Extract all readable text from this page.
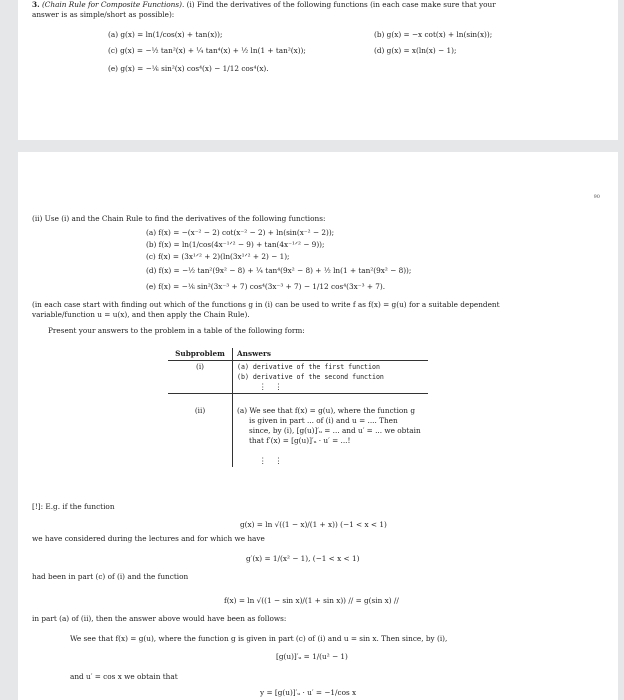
3. (Chain Rule for Composite Functions). (i) Find the derivatives of the following functions (in each case make sure that your
answer is as simple/short as possible):
(a) g(x) = ln(1/cos(x) + tan(x));	(b) g(x) = −x cot(x) + ln(sin(x));
(c) g(x) = −½ tan²(x) + ¼ tan⁴(x) + ½ ln(1 + tan²(x));	(d) g(x) = x(ln(x) − 1);
(e) g(x) = −⅙ sin²(x) cos⁴(x) − 1/12 cos⁴(x).
90
(ii) Use (i) and the Chain Rule to find the derivatives of the following functions:
(a) f(x) = −(x⁻² − 2) cot(x⁻² − 2) + ln(sin(x⁻² − 2));
(b) f(x) = ln(1/cos(4x⁻¹ᐟ² − 9) + tan(4x⁻¹ᐟ² − 9));
(c) f(x) = (3x¹ᐟ² + 2)(ln(3x¹ᐟ² + 2) − 1);
(d) f(x) = −½ tan²(9x² − 8) + ¼ tan⁴(9x² − 8) + ½ ln(1 + tan²(9x² − 8));
(e) f(x) = −⅙ sin²(3x⁻³ + 7) cos⁴(3x⁻³ + 7) − 1/12 cos⁴(3x⁻³ + 7).
(in each case start with finding out which of the functions g in (i) can be used to write f as f(x) = g(u) for a suitable dependent
variable/function u = u(x), and then apply the Chain Rule).
Present your answers to the problem in a table of the following form:
Subproblem	Answers
(i)	(a) derivative of the first function
(b) derivative of the second function
⋮ ⋮

(ii)	(a) We see that f(x) = g(u), where the function g
is given in part ... of (i) and u = .... Then
since, by (i), [g(u)]′ᵤ = ... and u′ = ... we obtain
that f′(x) = [g(u)]′ᵤ · u′ = ...!
⋮ ⋮
[!]: E.g. if the function
g(x) = ln √((1 − x)/(1 + x)) (−1 < x < 1)
we have considered during the lectures and for which we have
g′(x) = 1/(x² − 1), (−1 < x < 1)
had been in part (c) of (i) and the function
f(x) = ln √((1 − sin x)/(1 + sin x)) // = g(sin x) //
in part (a) of (ii), then the answer above would have been as follows:
We see that f(x) = g(u), where the function g is given in part (c) of (i) and u = sin x. Then since, by (i),
[g(u)]′ᵤ = 1/(u² − 1)
and u′ = cos x we obtain that
y = [g(u)]′ᵤ · u′ = −1/cos x
